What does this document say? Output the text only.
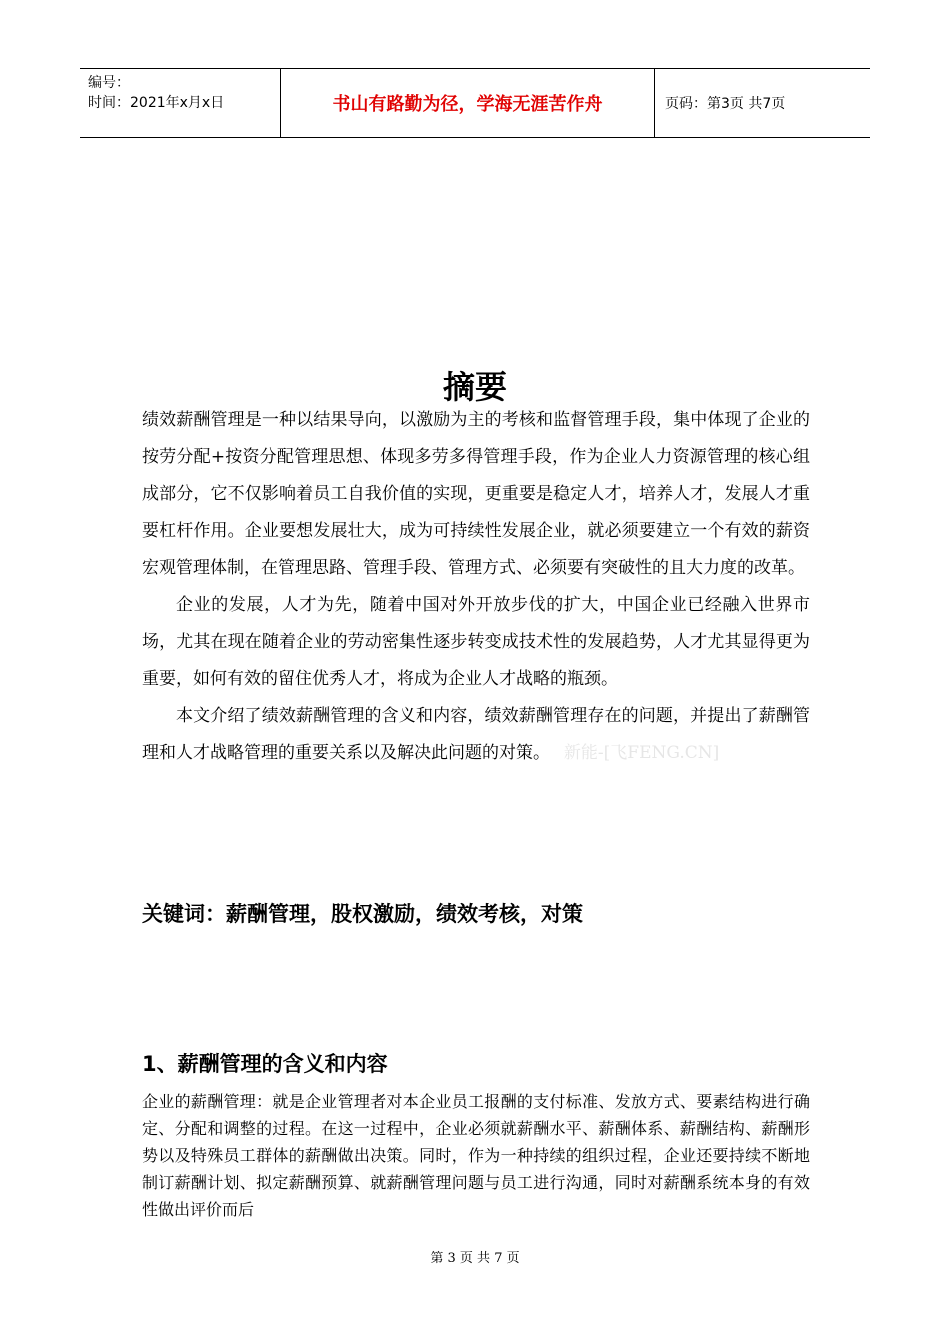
编号：
时间：2021年x月x日	书山有路勤为径，学海无涯苦作舟	页码：第3页 共7页
摘要

绩效薪酬管理是一种以结果导向，以激励为主的考核和监督管理手段，集中体现了企业的按劳分配+按资分配管理思想、体现多劳多得管理手段，作为企业人力资源管理的核心组成部分，它不仅影响着员工自我价值的实现，更重要是稳定人才，培养人才，发展人才重要杠杆作用。企业要想发展壮大，成为可持续性发展企业，就必须要建立一个有效的薪资宏观管理体制，在管理思路、管理手段、管理方式、必须要有突破性的且大力度的改革。

企业的发展，人才为先，随着中国对外开放步伐的扩大，中国企业已经融入世界市场，尤其在现在随着企业的劳动密集性逐步转变成技术性的发展趋势，人才尤其显得更为重要，如何有效的留住优秀人才，将成为企业人才战略的瓶颈。

本文介绍了绩效薪酬管理的含义和内容，绩效薪酬管理存在的问题，并提出了薪酬管理和人才战略管理的重要关系以及解决此问题的对策。　 新能-[飞FENG.CN]

关键词：薪酬管理，股权激励，绩效考核，对策
1、薪酬管理的含义和内容

企业的薪酬管理：就是企业管理者对本企业员工报酬的支付标准、发放方式、要素结构进行确定、分配和调整的过程。在这一过程中，企业必须就薪酬水平、薪酬体系、薪酬结构、薪酬形势以及特殊员工群体的薪酬做出决策。同时，作为一种持续的组织过程，企业还要持续不断地制订薪酬计划、拟定薪酬预算、就薪酬管理问题与员工进行沟通，同时对薪酬系统本身的有效性做出评价而后

第 3 页 共 7 页
